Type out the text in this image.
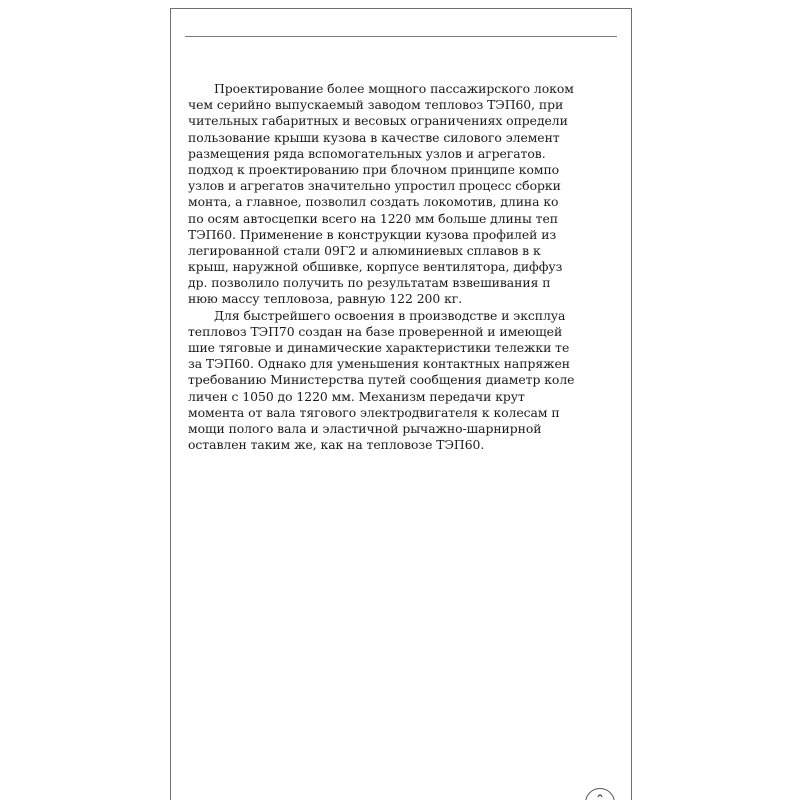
Проектирование более мощного пассажирского локом
чем серийно выпускаемый заводом тепловоз ТЭП60, при
чительных габаритных и весовых ограничениях определи
пользование крыши кузова в качестве силового элемент
размещения ряда вспомогательных узлов и агрегатов.
подход к проектированию при блочном принципе компо
узлов и агрегатов значительно упростил процесс сборки
монта, а главное, позволил создать локомотив, длина ко
по осям автосцепки всего на 1220 мм больше длины теп
ТЭП60. Применение в конструкции кузова профилей из
легированной стали 09Г2 и алюминиевых сплавов в к
крыш, наружной обшивке, корпусе вентилятора, диффуз
др. позволило получить по результатам взвешивания п
нюю массу тепловоза, равную 122 200 кг.
Для быстрейшего освоения в производстве и эксплуа
тепловоз ТЭП70 создан на базе проверенной и имеющей
шие тяговые и динамические характеристики тележки те
за ТЭП60. Однако для уменьшения контактных напряжен
требованию Министерства путей сообщения диаметр коле
личен с 1050 до 1220 мм. Механизм передачи крут
момента от вала тягового электродвигателя к колесам п
мощи полого вала и эластичной рычажно-шарнирной
оставлен таким же, как на тепловозе ТЭП60.
⌃
